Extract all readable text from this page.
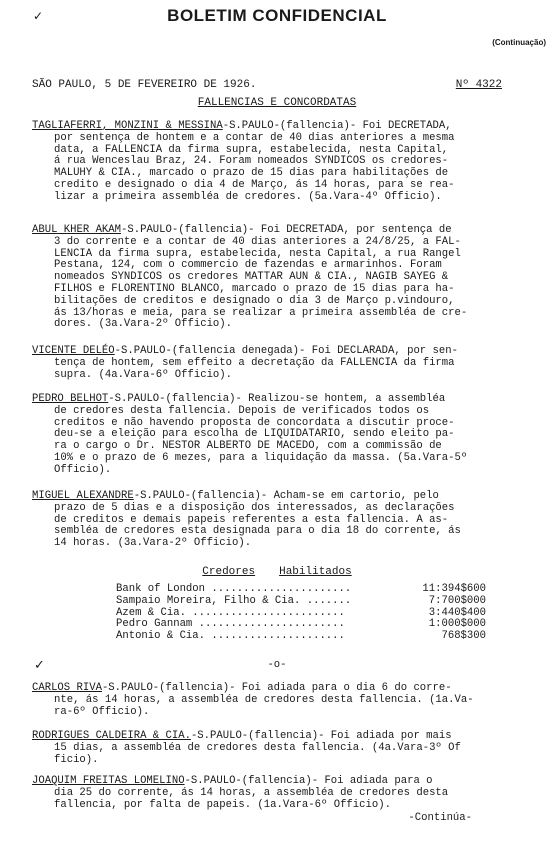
✓	BOLETIM CONFIDENCIAL
(Continuação)
SÃO PAULO, 5 DE FEVEREIRO DE 1926.	Nº 4322
FALLENCIAS E CONCORDATAS

TAGLIAFERRI, MONZINI & MESSINA-S.PAULO-(fallencia)- Foi DECRETADA,

por sentença de hontem e a contar de 40 dias anteriores a mesma

data, a FALLENCIA da firma supra, estabelecida, nesta Capital,

á rua Wenceslau Braz, 24. Foram nomeados SYNDICOS os credores-

MALUHY & CIA., marcado o prazo de 15 dias para habilitações de

credito e designado o dia 4 de Março, ás 14 horas, para se rea-

lizar a primeira assembléa de credores. (5a.Vara-4º Officio).

ABUL KHER AKAM-S.PAULO-(fallencia)- Foi DECRETADA, por sentença de

3 do corrente e a contar de 40 dias anteriores a 24/8/25, a FAL-

LENCIA da firma supra, estabelecida, nesta Capital, a rua Rangel

Pestana, 124, com o commercio de fazendas e armarinhos. Foram

nomeados SYNDICOS os credores MATTAR AUN & CIA., NAGIB SAYEG &

FILHOS e FLORENTINO BLANCO, marcado o prazo de 15 dias para ha-

bilitações de creditos e designado o dia 3 de Março p.vindouro,

ás 13/horas e meia, para se realizar a primeira assembléa de cre-

dores. (3a.Vara-2º Officio).

VICENTE DELÉO-S.PAULO-(fallencia denegada)- Foi DECLARADA, por sen-

tença de hontem, sem effeito a decretação da FALLENCIA da firma

supra. (4a.Vara-6º Officio).

PEDRO BELHOT-S.PAULO-(fallencia)- Realizou-se hontem, a assembléa

de credores desta fallencia. Depois de verificados todos os

creditos e não havendo proposta de concordata a discutir proce-

deu-se a eleição para escolha de LIQUIDATARIO, sendo eleito pa-

ra o cargo o Dr. NESTOR ALBERTO DE MACEDO, com a commissão de

10% e o prazo de 6 mezes, para a liquidação da massa. (5a.Vara-5º

Officio).

MIGUEL ALEXANDRE-S.PAULO-(fallencia)- Acham-se em cartorio, pelo

prazo de 5 dias e a disposição dos interessados, as declarações

de creditos e demais papeis referentes a esta fallencia. A as-

sembléa de credores esta designada para o dia 18 do corrente, ás

14 horas. (3a.Vara-2º Officio).

Credores Habilitados
Bank of London ......................	11:394$600
Sampaio Moreira, Filho & Cia. .......	7:700$000
Azem & Cia. ........................	3:440$400
Pedro Gannam .......................	1:000$000
Antonio & Cia. .....................	768$300
✓	-o-

CARLOS RIVA-S.PAULO-(fallencia)- Foi adiada para o dia 6 do corre-

nte, ás 14 horas, a assembléa de credores desta fallencia. (1a.Va-

ra-6º Officio).

RODRIGUES CALDEIRA & CIA.-S.PAULO-(fallencia)- Foi adiada por mais

15 dias, a assembléa de credores desta fallencia. (4a.Vara-3º Of

ficio).

JOAQUIM FREITAS LOMELINO-S.PAULO-(fallencia)- Foi adiada para o

dia 25 do corrente, ás 14 horas, a assembléa de credores desta

fallencia, por falta de papeis. (1a.Vara-6º Officio).

-Continúa-
